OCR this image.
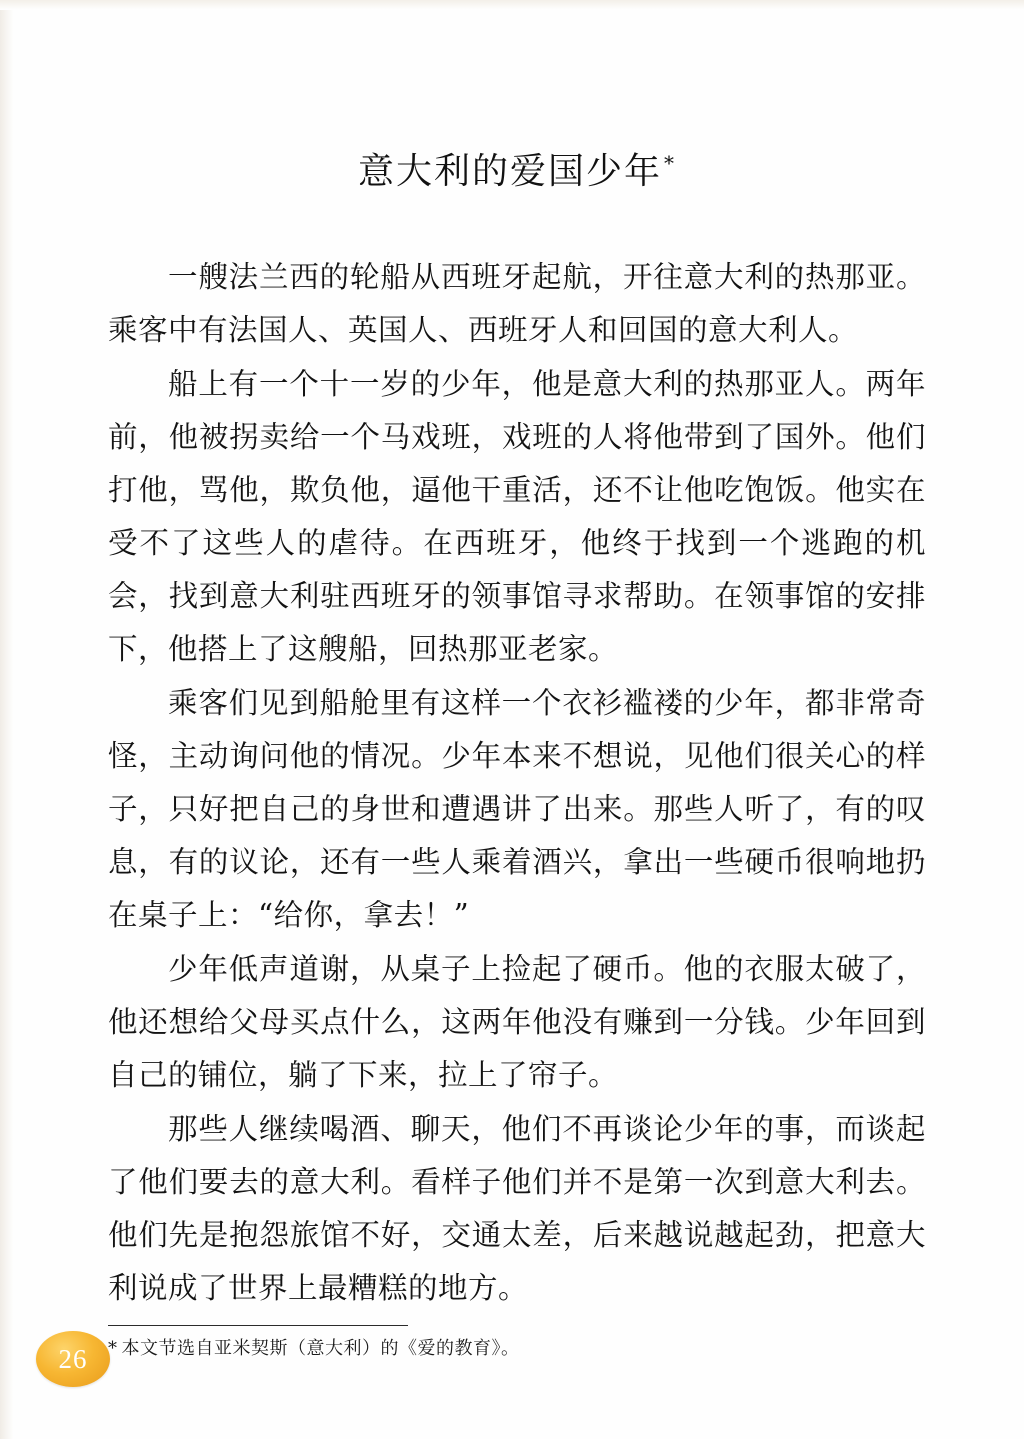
意大利的爱国少年 *

一艘法兰西的轮船从西班牙起航，开往意大利的热那亚。乘客中有法国人、英国人、西班牙人和回国的意大利人。

船上有一个十一岁的少年，他是意大利的热那亚人。两年前，他被拐卖给一个马戏班，戏班的人将他带到了国外。他们打他，骂他，欺负他，逼他干重活，还不让他吃饱饭。他实在受不了这些人的虐待。在西班牙，他终于找到一个逃跑的机会，找到意大利驻西班牙的领事馆寻求帮助。在领事馆的安排下，他搭上了这艘船，回热那亚老家。

乘客们见到船舱里有这样一个衣衫褴褛的少年，都非常奇怪，主动询问他的情况。少年本来不想说，见他们很关心的样子，只好把自己的身世和遭遇讲了出来。那些人听了，有的叹息，有的议论，还有一些人乘着酒兴，拿出一些硬币很响地扔在桌子上：“给你，拿去！”

少年低声道谢，从桌子上捡起了硬币。他的衣服太破了，他还想给父母买点什么，这两年他没有赚到一分钱。少年回到自己的铺位，躺了下来，拉上了帘子。

那些人继续喝酒、聊天，他们不再谈论少年的事，而谈起了他们要去的意大利。看样子他们并不是第一次到意大利去。他们先是抱怨旅馆不好，交通太差，后来越说越起劲，把意大利说成了世界上最糟糕的地方。

* 本文节选自亚米契斯（意大利）的《爱的教育》。
26
